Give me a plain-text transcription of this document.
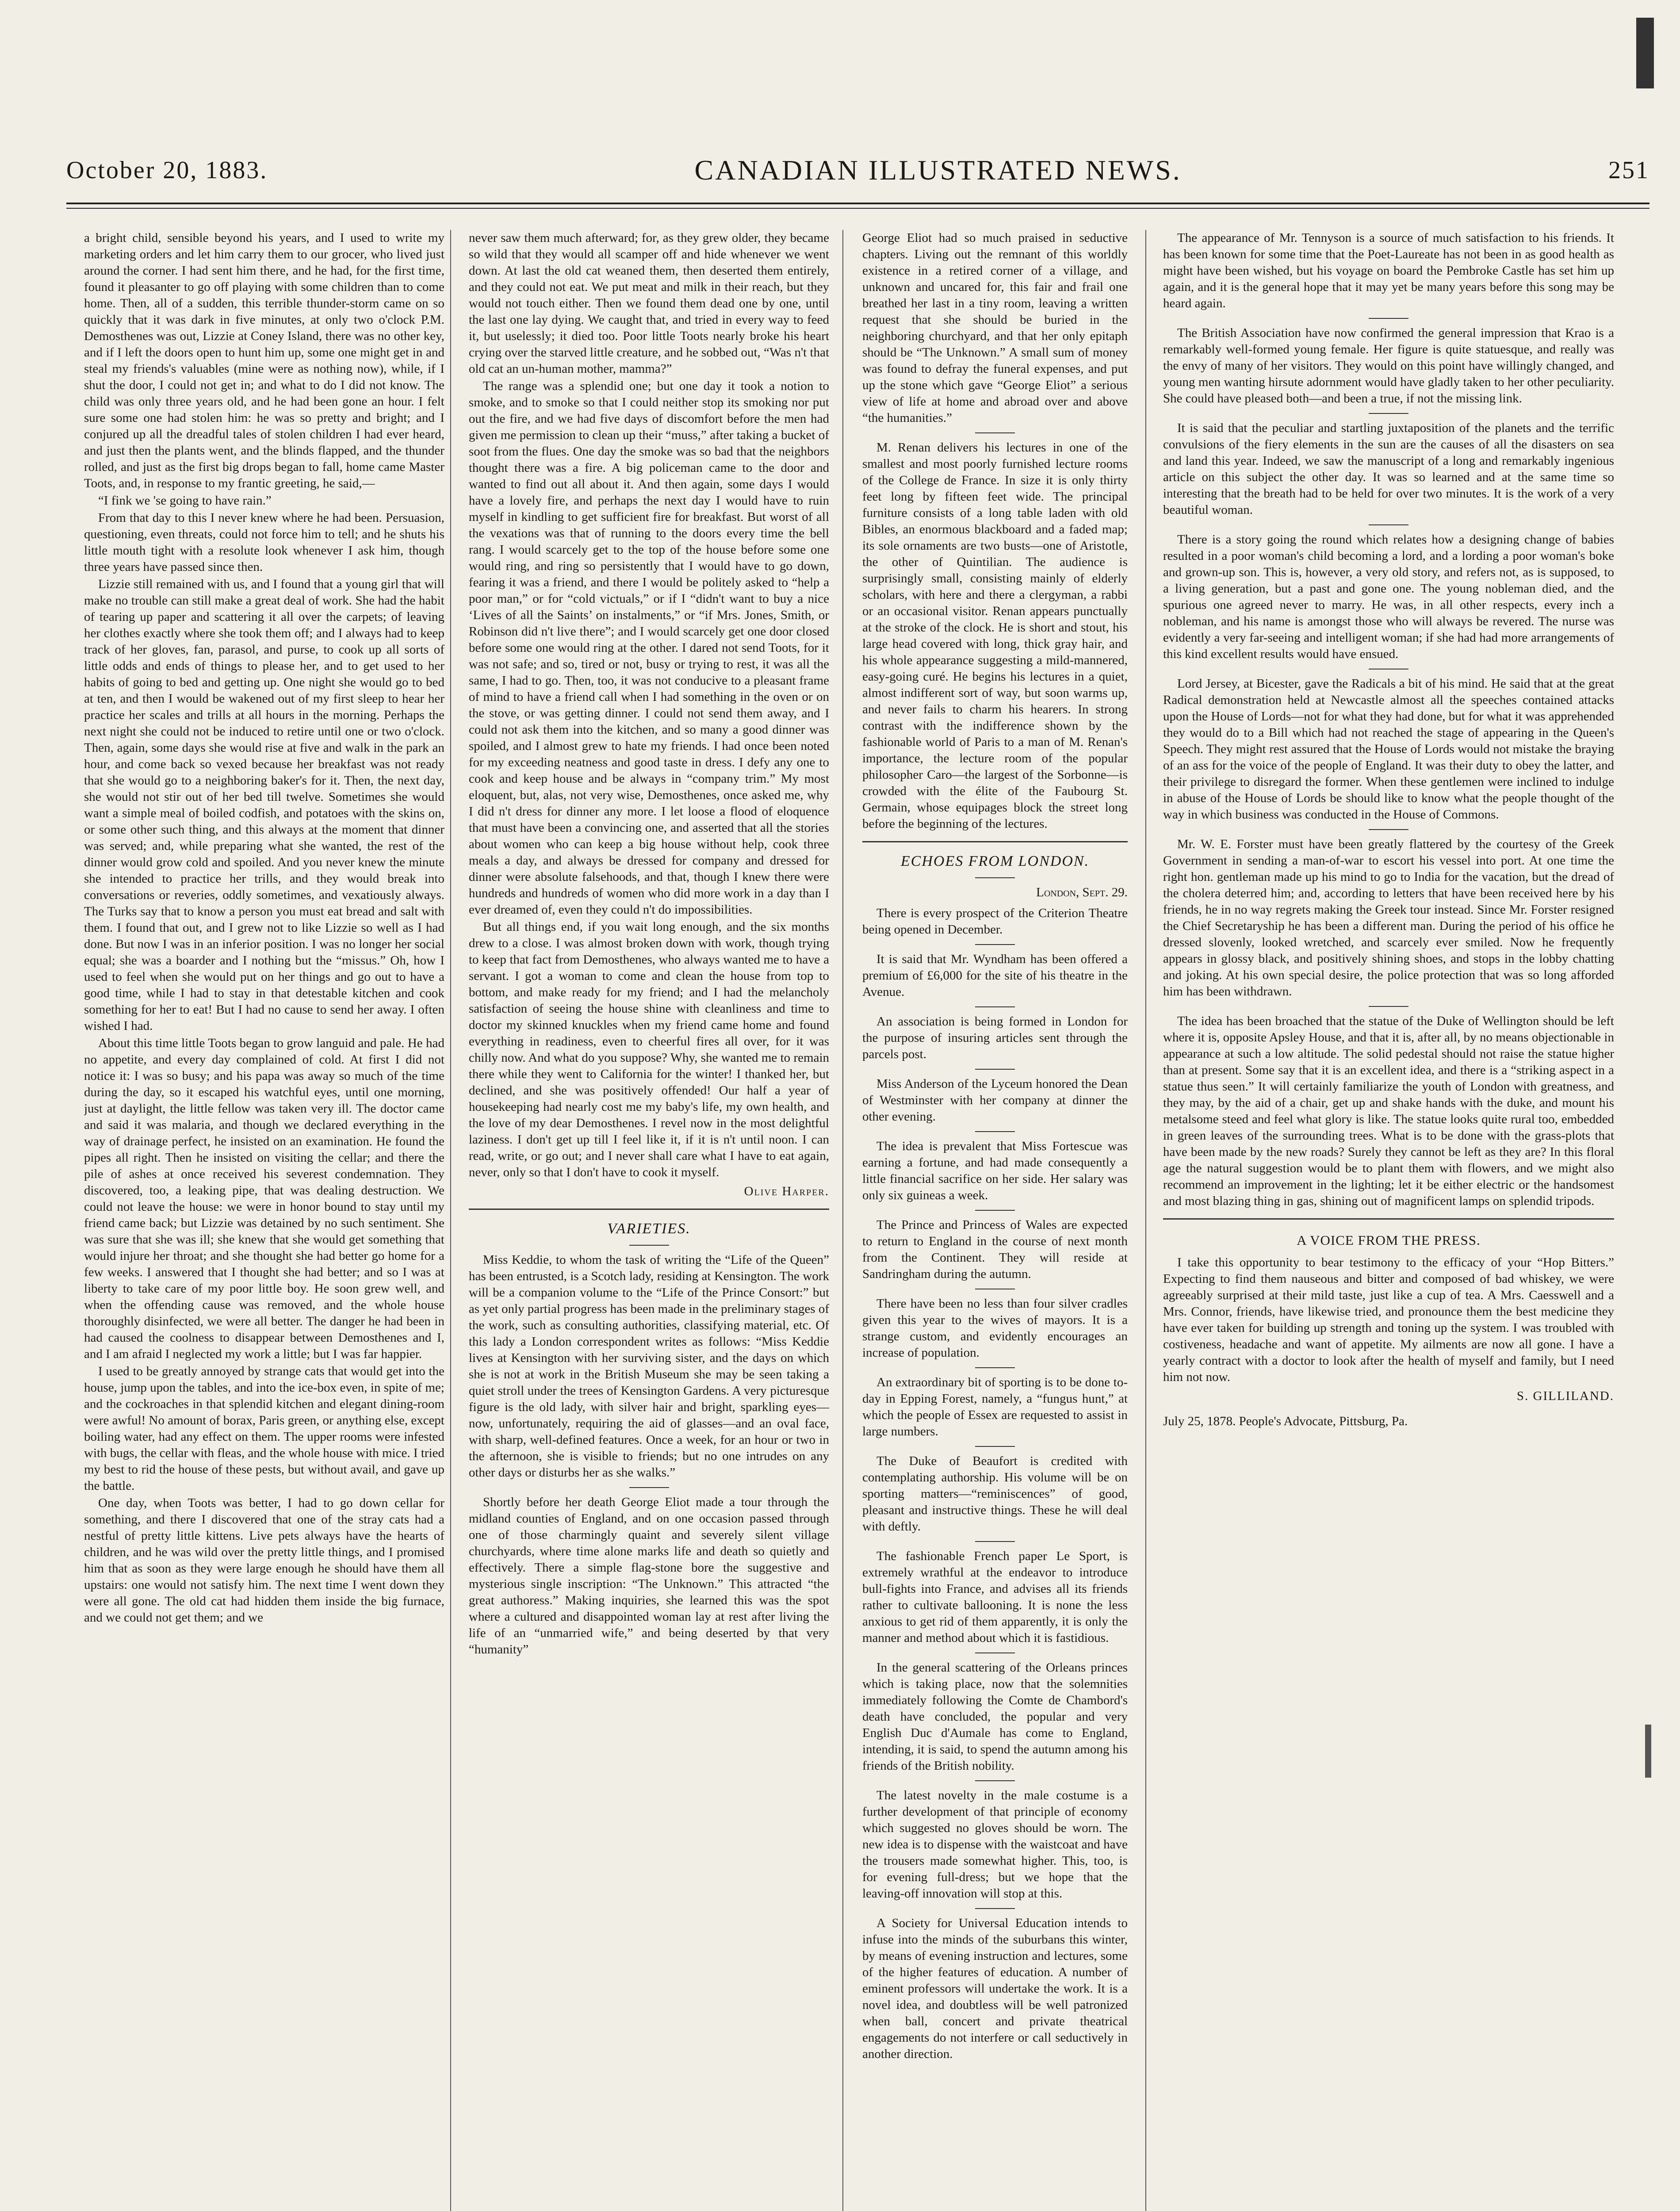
October 20, 1883.	CANADIAN ILLUSTRATED NEWS.	251

a bright child, sensible beyond his years, and I used to write my marketing orders and let him carry them to our grocer, who lived just around the corner. I had sent him there, and he had, for the first time, found it pleasanter to go off playing with some children than to come home. Then, all of a sudden, this terrible thunder-storm came on so quickly that it was dark in five minutes, at only two o'clock P.M. Demosthenes was out, Lizzie at Coney Island, there was no other key, and if I left the doors open to hunt him up, some one might get in and steal my friends's valuables (mine were as nothing now), while, if I shut the door, I could not get in; and what to do I did not know. The child was only three years old, and he had been gone an hour. I felt sure some one had stolen him: he was so pretty and bright; and I conjured up all the dreadful tales of stolen children I had ever heard, and just then the plants went, and the blinds flapped, and the thunder rolled, and just as the first big drops began to fall, home came Master Toots, and, in response to my frantic greeting, he said,—

“I fink we 'se going to have rain.”

From that day to this I never knew where he had been. Persuasion, questioning, even threats, could not force him to tell; and he shuts his little mouth tight with a resolute look whenever I ask him, though three years have passed since then.

Lizzie still remained with us, and I found that a young girl that will make no trouble can still make a great deal of work. She had the habit of tearing up paper and scattering it all over the carpets; of leaving her clothes exactly where she took them off; and I always had to keep track of her gloves, fan, parasol, and purse, to cook up all sorts of little odds and ends of things to please her, and to get used to her habits of going to bed and getting up. One night she would go to bed at ten, and then I would be wakened out of my first sleep to hear her practice her scales and trills at all hours in the morning. Perhaps the next night she could not be induced to retire until one or two o'clock. Then, again, some days she would rise at five and walk in the park an hour, and come back so vexed because her breakfast was not ready that she would go to a neighboring baker's for it. Then, the next day, she would not stir out of her bed till twelve. Sometimes she would want a simple meal of boiled codfish, and potatoes with the skins on, or some other such thing, and this always at the moment that dinner was served; and, while preparing what she wanted, the rest of the dinner would grow cold and spoiled. And you never knew the minute she intended to practice her trills, and they would break into conversations or reveries, oddly sometimes, and vexatiously always. The Turks say that to know a person you must eat bread and salt with them. I found that out, and I grew not to like Lizzie so well as I had done. But now I was in an inferior position. I was no longer her social equal; she was a boarder and I nothing but the “missus.” Oh, how I used to feel when she would put on her things and go out to have a good time, while I had to stay in that detestable kitchen and cook something for her to eat! But I had no cause to send her away. I often wished I had.

About this time little Toots began to grow languid and pale. He had no appetite, and every day complained of cold. At first I did not notice it: I was so busy; and his papa was away so much of the time during the day, so it escaped his watchful eyes, until one morning, just at daylight, the little fellow was taken very ill. The doctor came and said it was malaria, and though we declared everything in the way of drainage perfect, he insisted on an examination. He found the pipes all right. Then he insisted on visiting the cellar; and there the pile of ashes at once received his severest condemnation. They discovered, too, a leaking pipe, that was dealing destruction. We could not leave the house: we were in honor bound to stay until my friend came back; but Lizzie was detained by no such sentiment. She was sure that she was ill; she knew that she would get something that would injure her throat; and she thought she had better go home for a few weeks. I answered that I thought she had better; and so I was at liberty to take care of my poor little boy. He soon grew well, and when the offending cause was removed, and the whole house thoroughly disinfected, we were all better. The danger he had been in had caused the coolness to disappear between Demosthenes and I, and I am afraid I neglected my work a little; but I was far happier.

I used to be greatly annoyed by strange cats that would get into the house, jump upon the tables, and into the ice-box even, in spite of me; and the cockroaches in that splendid kitchen and elegant dining-room were awful! No amount of borax, Paris green, or anything else, except boiling water, had any effect on them. The upper rooms were infested with bugs, the cellar with fleas, and the whole house with mice. I tried my best to rid the house of these pests, but without avail, and gave up the battle.

One day, when Toots was better, I had to go down cellar for something, and there I discovered that one of the stray cats had a nestful of pretty little kittens. Live pets always have the hearts of children, and he was wild over the pretty little things, and I promised him that as soon as they were large enough he should have them all upstairs: one would not satisfy him. The next time I went down they were all gone. The old cat had hidden them inside the big furnace, and we could not get them; and we

never saw them much afterward; for, as they grew older, they became so wild that they would all scamper off and hide whenever we went down. At last the old cat weaned them, then deserted them entirely, and they could not eat. We put meat and milk in their reach, but they would not touch either. Then we found them dead one by one, until the last one lay dying. We caught that, and tried in every way to feed it, but uselessly; it died too. Poor little Toots nearly broke his heart crying over the starved little creature, and he sobbed out, “Was n't that old cat an un-human mother, mamma?”

The range was a splendid one; but one day it took a notion to smoke, and to smoke so that I could neither stop its smoking nor put out the fire, and we had five days of discomfort before the men had given me permission to clean up their “muss,” after taking a bucket of soot from the flues. One day the smoke was so bad that the neighbors thought there was a fire. A big policeman came to the door and wanted to find out all about it. And then again, some days I would have a lovely fire, and perhaps the next day I would have to ruin myself in kindling to get sufficient fire for breakfast. But worst of all the vexations was that of running to the doors every time the bell rang. I would scarcely get to the top of the house before some one would ring, and ring so persistently that I would have to go down, fearing it was a friend, and there I would be politely asked to “help a poor man,” or for “cold victuals,” or if I “didn't want to buy a nice ‘Lives of all the Saints’ on instalments,” or “if Mrs. Jones, Smith, or Robinson did n't live there”; and I would scarcely get one door closed before some one would ring at the other. I dared not send Toots, for it was not safe; and so, tired or not, busy or trying to rest, it was all the same, I had to go. Then, too, it was not conducive to a pleasant frame of mind to have a friend call when I had something in the oven or on the stove, or was getting dinner. I could not send them away, and I could not ask them into the kitchen, and so many a good dinner was spoiled, and I almost grew to hate my friends. I had once been noted for my exceeding neatness and good taste in dress. I defy any one to cook and keep house and be always in “company trim.” My most eloquent, but, alas, not very wise, Demosthenes, once asked me, why I did n't dress for dinner any more. I let loose a flood of eloquence that must have been a convincing one, and asserted that all the stories about women who can keep a big house without help, cook three meals a day, and always be dressed for company and dressed for dinner were absolute falsehoods, and that, though I knew there were hundreds and hundreds of women who did more work in a day than I ever dreamed of, even they could n't do impossibilities.

But all things end, if you wait long enough, and the six months drew to a close. I was almost broken down with work, though trying to keep that fact from Demosthenes, who always wanted me to have a servant. I got a woman to come and clean the house from top to bottom, and make ready for my friend; and I had the melancholy satisfaction of seeing the house shine with cleanliness and time to doctor my skinned knuckles when my friend came home and found everything in readiness, even to cheerful fires all over, for it was chilly now. And what do you suppose? Why, she wanted me to remain there while they went to California for the winter! I thanked her, but declined, and she was positively offended! Our half a year of housekeeping had nearly cost me my baby's life, my own health, and the love of my dear Demosthenes. I revel now in the most delightful laziness. I don't get up till I feel like it, if it is n't until noon. I can read, write, or go out; and I never shall care what I have to eat again, never, only so that I don't have to cook it myself.

Olive Harper.

VARIETIES.

Miss Keddie, to whom the task of writing the “Life of the Queen” has been entrusted, is a Scotch lady, residing at Kensington. The work will be a companion volume to the “Life of the Prince Consort:” but as yet only partial progress has been made in the preliminary stages of the work, such as consulting authorities, classifying material, etc. Of this lady a London correspondent writes as follows: “Miss Keddie lives at Kensington with her surviving sister, and the days on which she is not at work in the British Museum she may be seen taking a quiet stroll under the trees of Kensington Gardens. A very picturesque figure is the old lady, with silver hair and bright, sparkling eyes—now, unfortunately, requiring the aid of glasses—and an oval face, with sharp, well-defined features. Once a week, for an hour or two in the afternoon, she is visible to friends; but no one intrudes on any other days or disturbs her as she walks.”

Shortly before her death George Eliot made a tour through the midland counties of England, and on one occasion passed through one of those charmingly quaint and severely silent village churchyards, where time alone marks life and death so quietly and effectively. There a simple flag-stone bore the suggestive and mysterious single inscription: “The Unknown.” This attracted “the great authoress.” Making inquiries, she learned this was the spot where a cultured and disappointed woman lay at rest after living the life of an “unmarried wife,” and being deserted by that very “humanity”

George Eliot had so much praised in seductive chapters. Living out the remnant of this worldly existence in a retired corner of a village, and unknown and uncared for, this fair and frail one breathed her last in a tiny room, leaving a written request that she should be buried in the neighboring churchyard, and that her only epitaph should be “The Unknown.” A small sum of money was found to defray the funeral expenses, and put up the stone which gave “George Eliot” a serious view of life at home and abroad over and above “the humanities.”

M. Renan delivers his lectures in one of the smallest and most poorly furnished lecture rooms of the College de France. In size it is only thirty feet long by fifteen feet wide. The principal furniture consists of a long table laden with old Bibles, an enormous blackboard and a faded map; its sole ornaments are two busts—one of Aristotle, the other of Quintilian. The audience is surprisingly small, consisting mainly of elderly scholars, with here and there a clergyman, a rabbi or an occasional visitor. Renan appears punctually at the stroke of the clock. He is short and stout, his large head covered with long, thick gray hair, and his whole appearance suggesting a mild-mannered, easy-going curé. He begins his lectures in a quiet, almost indifferent sort of way, but soon warms up, and never fails to charm his hearers. In strong contrast with the indifference shown by the fashionable world of Paris to a man of M. Renan's importance, the lecture room of the popular philosopher Caro—the largest of the Sorbonne—is crowded with the élite of the Faubourg St. Germain, whose equipages block the street long before the beginning of the lectures.

ECHOES FROM LONDON.

London, Sept. 29.

There is every prospect of the Criterion Theatre being opened in December.

It is said that Mr. Wyndham has been offered a premium of £6,000 for the site of his theatre in the Avenue.

An association is being formed in London for the purpose of insuring articles sent through the parcels post.

Miss Anderson of the Lyceum honored the Dean of Westminster with her company at dinner the other evening.

The idea is prevalent that Miss Fortescue was earning a fortune, and had made consequently a little financial sacrifice on her side. Her salary was only six guineas a week.

The Prince and Princess of Wales are expected to return to England in the course of next month from the Continent. They will reside at Sandringham during the autumn.

There have been no less than four silver cradles given this year to the wives of mayors. It is a strange custom, and evidently encourages an increase of population.

An extraordinary bit of sporting is to be done to-day in Epping Forest, namely, a “fungus hunt,” at which the people of Essex are requested to assist in large numbers.

The Duke of Beaufort is credited with contemplating authorship. His volume will be on sporting matters—“reminiscences” of good, pleasant and instructive things. These he will deal with deftly.

The fashionable French paper Le Sport, is extremely wrathful at the endeavor to introduce bull-fights into France, and advises all its friends rather to cultivate ballooning. It is none the less anxious to get rid of them apparently, it is only the manner and method about which it is fastidious.

In the general scattering of the Orleans princes which is taking place, now that the solemnities immediately following the Comte de Chambord's death have concluded, the popular and very English Duc d'Aumale has come to England, intending, it is said, to spend the autumn among his friends of the British nobility.

The latest novelty in the male costume is a further development of that principle of economy which suggested no gloves should be worn. The new idea is to dispense with the waistcoat and have the trousers made somewhat higher. This, too, is for evening full-dress; but we hope that the leaving-off innovation will stop at this.

A Society for Universal Education intends to infuse into the minds of the suburbans this winter, by means of evening instruction and lectures, some of the higher features of education. A number of eminent professors will undertake the work. It is a novel idea, and doubtless will be well patronized when ball, concert and private theatrical engagements do not interfere or call seductively in another direction.

The appearance of Mr. Tennyson is a source of much satisfaction to his friends. It has been known for some time that the Poet-Laureate has not been in as good health as might have been wished, but his voyage on board the Pembroke Castle has set him up again, and it is the general hope that it may yet be many years before this song may be heard again.

The British Association have now confirmed the general impression that Krao is a remarkably well-formed young female. Her figure is quite statuesque, and really was the envy of many of her visitors. They would on this point have willingly changed, and young men wanting hirsute adornment would have gladly taken to her other peculiarity. She could have pleased both—and been a true, if not the missing link.

It is said that the peculiar and startling juxtaposition of the planets and the terrific convulsions of the fiery elements in the sun are the causes of all the disasters on sea and land this year. Indeed, we saw the manuscript of a long and remarkably ingenious article on this subject the other day. It was so learned and at the same time so interesting that the breath had to be held for over two minutes. It is the work of a very beautiful woman.

There is a story going the round which relates how a designing change of babies resulted in a poor woman's child becoming a lord, and a lording a poor woman's boke and grown-up son. This is, however, a very old story, and refers not, as is supposed, to a living generation, but a past and gone one. The young nobleman died, and the spurious one agreed never to marry. He was, in all other respects, every inch a nobleman, and his name is amongst those who will always be revered. The nurse was evidently a very far-seeing and intelligent woman; if she had had more arrangements of this kind excellent results would have ensued.

Lord Jersey, at Bicester, gave the Radicals a bit of his mind. He said that at the great Radical demonstration held at Newcastle almost all the speeches contained attacks upon the House of Lords—not for what they had done, but for what it was apprehended they would do to a Bill which had not reached the stage of appearing in the Queen's Speech. They might rest assured that the House of Lords would not mistake the braying of an ass for the voice of the people of England. It was their duty to obey the latter, and their privilege to disregard the former. When these gentlemen were inclined to indulge in abuse of the House of Lords be should like to know what the people thought of the way in which business was conducted in the House of Commons.

Mr. W. E. Forster must have been greatly flattered by the courtesy of the Greek Government in sending a man-of-war to escort his vessel into port. At one time the right hon. gentleman made up his mind to go to India for the vacation, but the dread of the cholera deterred him; and, according to letters that have been received here by his friends, he in no way regrets making the Greek tour instead. Since Mr. Forster resigned the Chief Secretaryship he has been a different man. During the period of his office he dressed slovenly, looked wretched, and scarcely ever smiled. Now he frequently appears in glossy black, and positively shining shoes, and stops in the lobby chatting and joking. At his own special desire, the police protection that was so long afforded him has been withdrawn.

The idea has been broached that the statue of the Duke of Wellington should be left where it is, opposite Apsley House, and that it is, after all, by no means objectionable in appearance at such a low altitude. The solid pedestal should not raise the statue higher than at present. Some say that it is an excellent idea, and there is a “striking aspect in a statue thus seen.” It will certainly familiarize the youth of London with greatness, and they may, by the aid of a chair, get up and shake hands with the duke, and mount his metalsome steed and feel what glory is like. The statue looks quite rural too, embedded in green leaves of the surrounding trees. What is to be done with the grass-plots that have been made by the new roads? Surely they cannot be left as they are? In this floral age the natural suggestion would be to plant them with flowers, and we might also recommend an improvement in the lighting; let it be either electric or the handsomest and most blazing thing in gas, shining out of magnificent lamps on splendid tripods.

A VOICE FROM THE PRESS.

I take this opportunity to bear testimony to the efficacy of your “Hop Bitters.” Expecting to find them nauseous and bitter and composed of bad whiskey, we were agreeably surprised at their mild taste, just like a cup of tea. A Mrs. Caesswell and a Mrs. Connor, friends, have likewise tried, and pronounce them the best medicine they have ever taken for building up strength and toning up the system. I was troubled with costiveness, headache and want of appetite. My ailments are now all gone. I have a yearly contract with a doctor to look after the health of myself and family, but I need him not now.

S. GILLILAND.

July 25, 1878. People's Advocate, Pittsburg, Pa.
